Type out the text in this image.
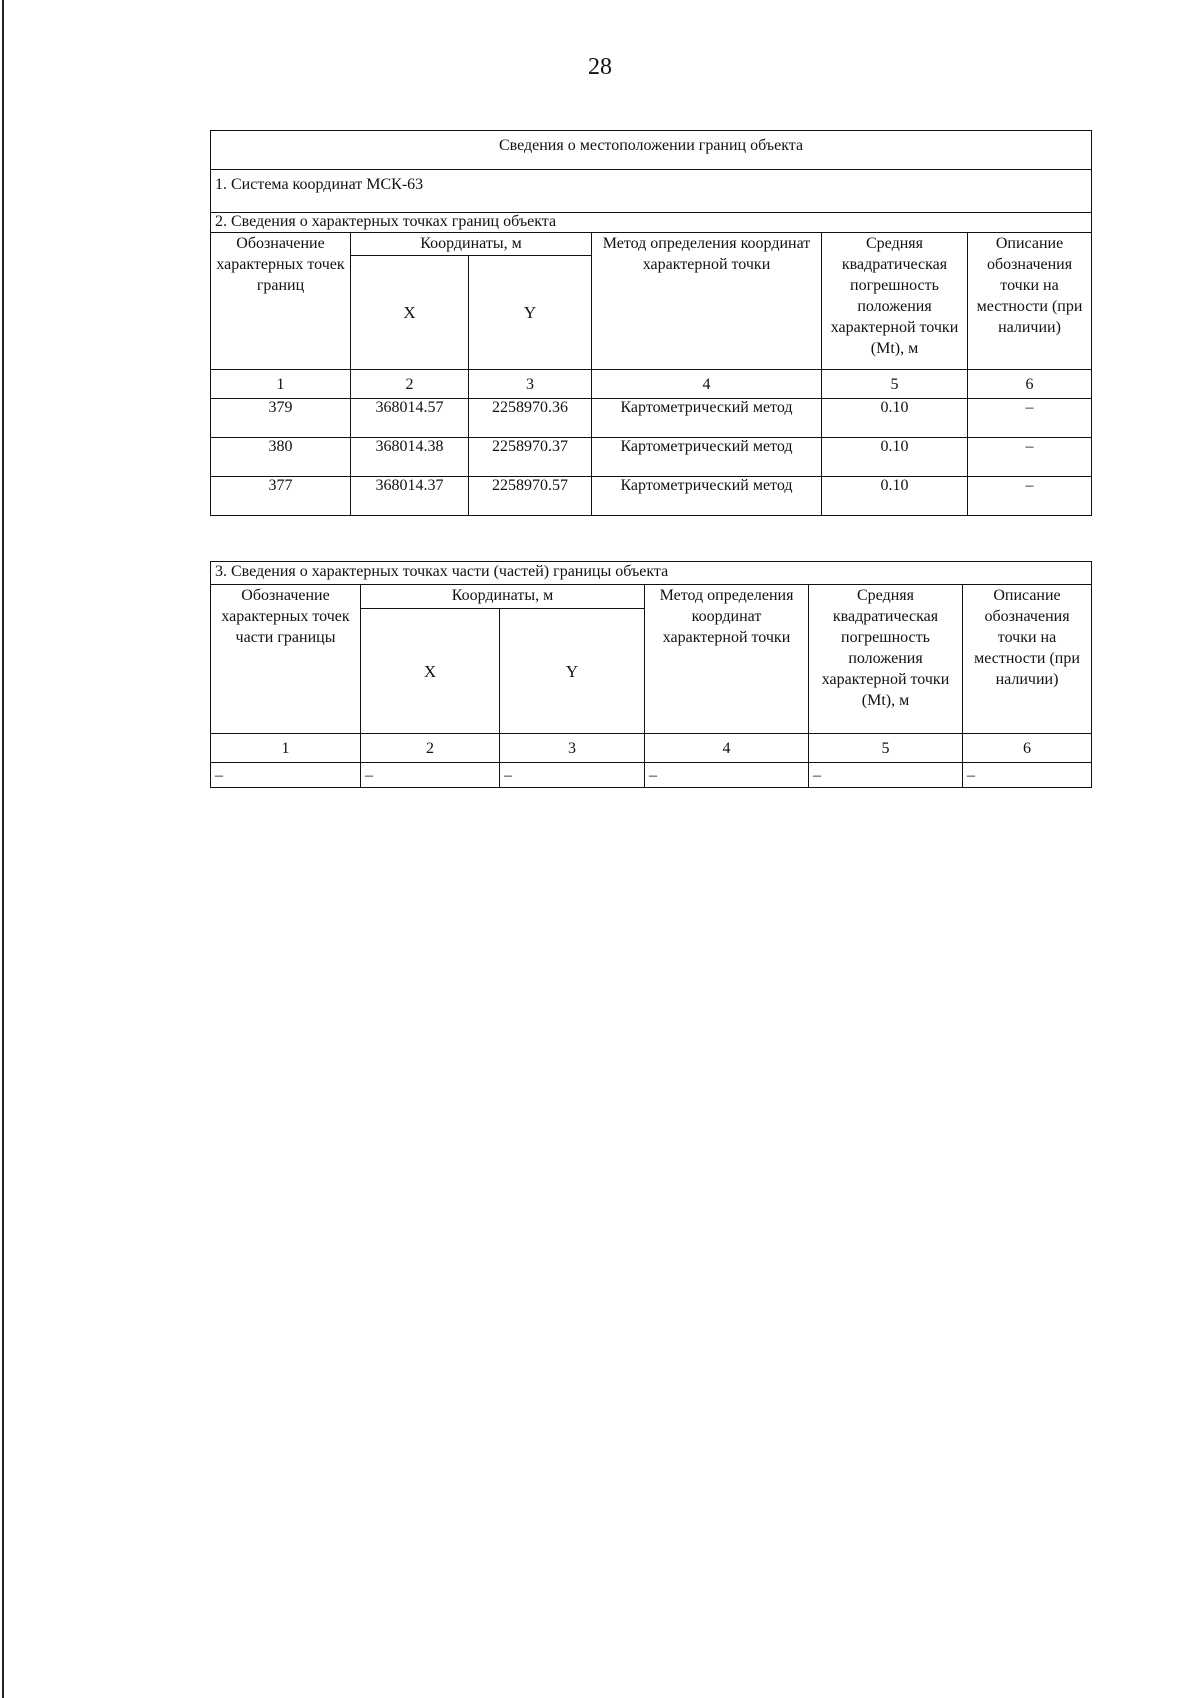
28
Сведения о местоположении границ объекта					
1. Система координат МСК-63					
2. Сведения о характерных точках границ объекта					
Обозначение характерных точек границ	Координаты, м		Метод определения координат характерной точки	Средняя квадратическая погрешность положения характерной точки (Mt), м	Описание обозначения точки на местности (при наличии)
	X	Y			
1	2	3	4	5	6
379	368014.57	2258970.36	Картометрический метод	0.10	–
380	368014.38	2258970.37	Картометрический метод	0.10	–
377	368014.37	2258970.57	Картометрический метод	0.10	–
3. Сведения о характерных точках части (частей) границы объекта					
Обозначение характерных точек части границы	Координаты, м		Метод определения координат характерной точки	Средняя квадратическая погрешность положения характерной точки (Mt), м	Описание обозначения точки на местности (при наличии)
	X	Y			
1	2	3	4	5	6
–	–	–	–	–	–
